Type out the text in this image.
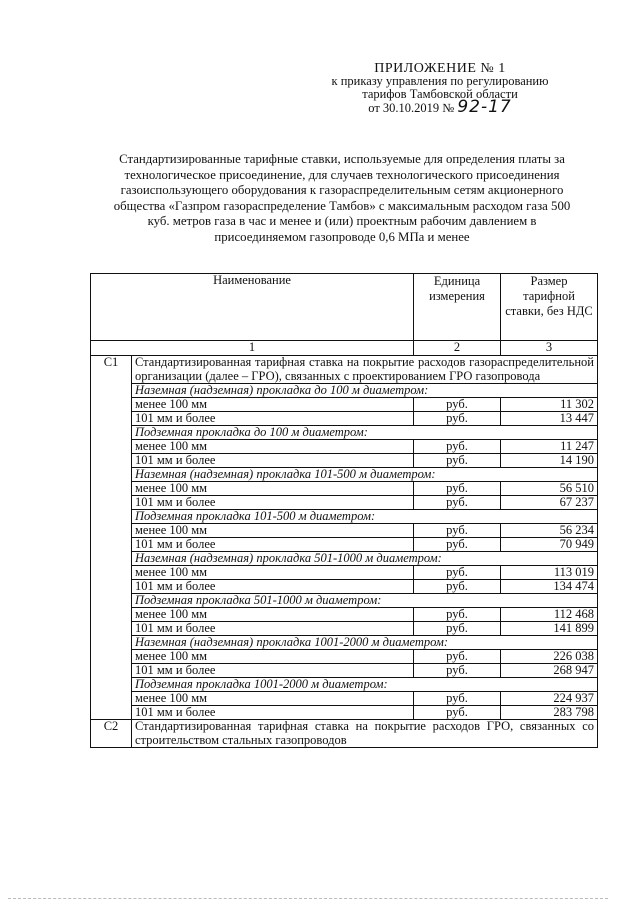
ПРИЛОЖЕНИЕ № 1
к приказу управления по регулированию
тарифов Тамбовской области
от 30.10.2019 № 92-17
Стандартизированные тарифные ставки, используемые для определения платы за технологическое присоединение, для случаев технологического присоединения газоиспользующего оборудования к газораспределительным сетям акционерного общества «Газпром газораспределение Тамбов» с максимальным расходом газа 500 куб. метров газа в час и менее и (или) проектным рабочим давлением в присоединяемом газопроводе 0,6 МПа и менее
Наименование		Единица измерения	Размер тарифной ставки, без НДС
1		2	3
С1	Стандартизированная тарифная ставка на покрытие расходов газораспределительной организации (далее – ГРО), связанных с проектированием ГРО газопровода		
	Наземная (надземная) прокладка до 100 м диаметром:		
	менее 100 мм	руб.	11 302
	101 мм и более	руб.	13 447
	Подземная прокладка до 100 м диаметром:		
	менее 100 мм	руб.	11 247
	101 мм и более	руб.	14 190
	Наземная (надземная) прокладка 101-500 м диаметром:		
	менее 100 мм	руб.	56 510
	101 мм и более	руб.	67 237
	Подземная прокладка 101-500 м диаметром:		
	менее 100 мм	руб.	56 234
	101 мм и более	руб.	70 949
	Наземная (надземная) прокладка 501-1000 м диаметром:		
	менее 100 мм	руб.	113 019
	101 мм и более	руб.	134 474
	Подземная прокладка 501-1000 м диаметром:		
	менее 100 мм	руб.	112 468
	101 мм и более	руб.	141 899
	Наземная (надземная) прокладка 1001-2000 м диаметром:		
	менее 100 мм	руб.	226 038
	101 мм и более	руб.	268 947
	Подземная прокладка 1001-2000 м диаметром:		
	менее 100 мм	руб.	224 937
	101 мм и более	руб.	283 798
С2	Стандартизированная тарифная ставка на покрытие расходов ГРО, связанных со строительством стальных газопроводов		
